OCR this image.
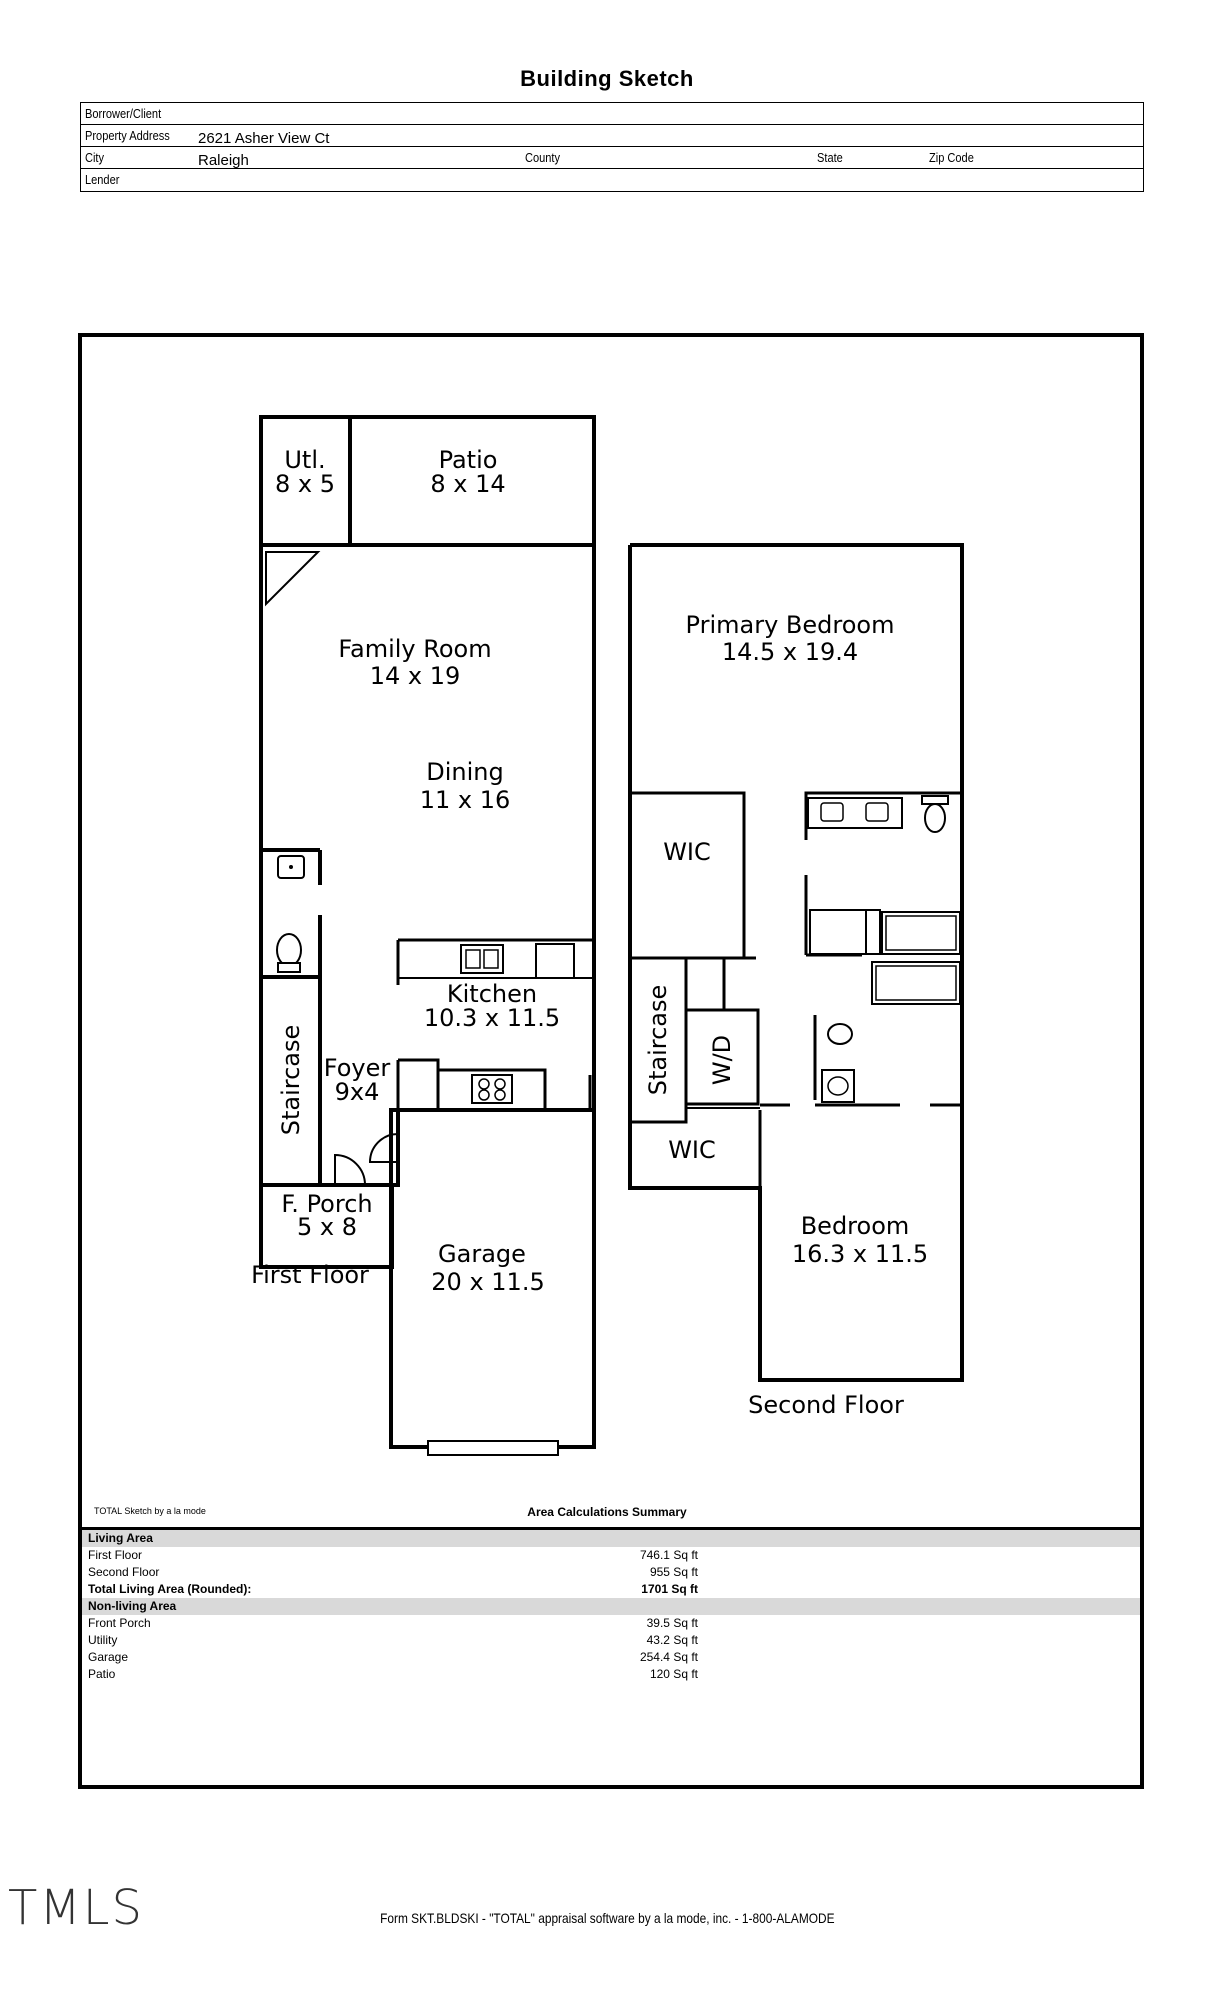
Building Sketch
Borrower/Client
Property Address 2621 Asher View Ct
City	Raleigh	County	State	Zip Code
Lender
Utl.
8 x 5
Patio
8 x 14
Family Room
14 x 19
Dining
11 x 16
Kitchen
10.3 x 11.5
Foyer
9x4
Staircase
F. Porch
5 x 8
Garage
20 x 11.5
First Floor
Primary Bedroom
14.5 x 19.4
WIC
Staircase W/D
WIC
Bedroom
16.3 x 11.5
Second Floor
TOTAL Sketch by a la mode	Area Calculations Summary
Living Area
First Floor	746.1 Sq ft
Second Floor	955 Sq ft
Total Living Area (Rounded):	1701 Sq ft
Non-living Area
Front Porch	39.5 Sq ft
Utility	43.2 Sq ft
Garage	254.4 Sq ft
Patio	120 Sq ft
TMLS	Form SKT.BLDSKI - "TOTAL" appraisal software by a la mode, inc. - 1-800-ALAMODE
